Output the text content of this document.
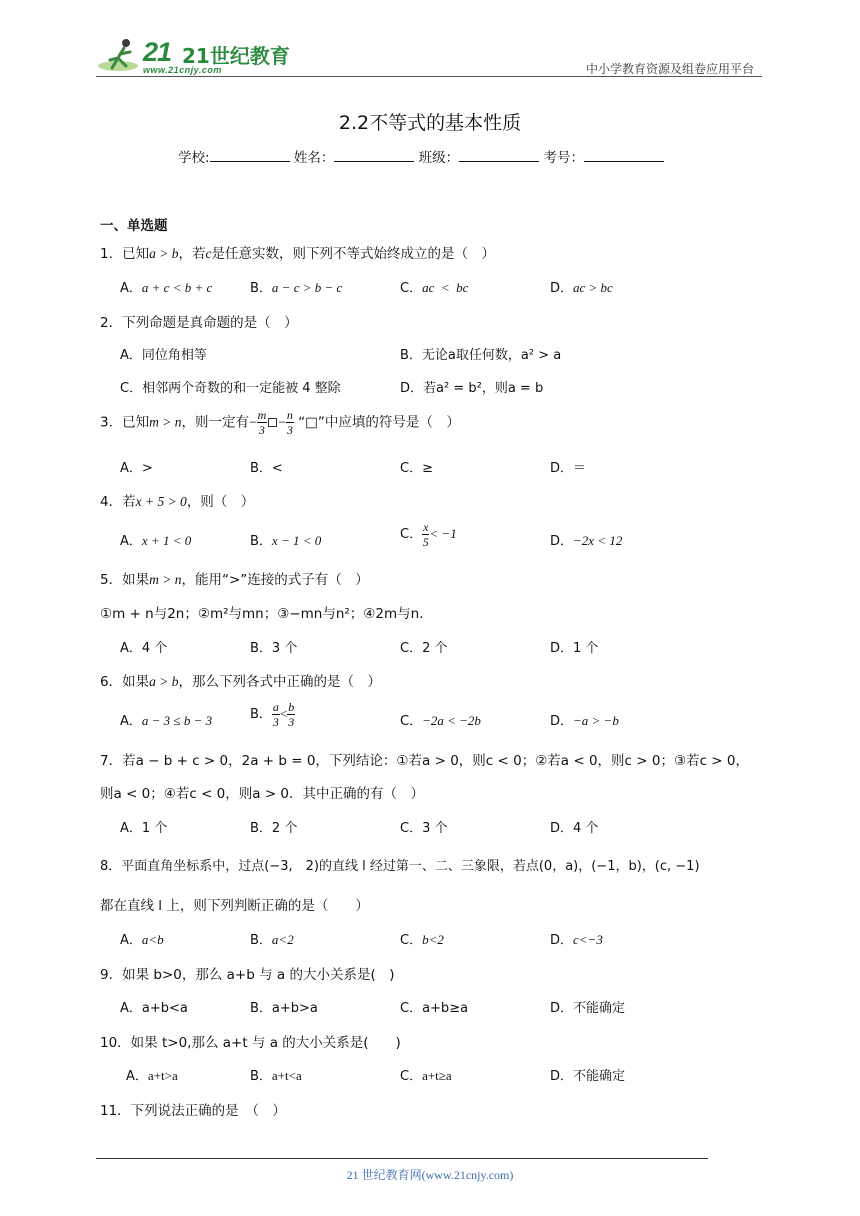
21 21世纪教育
www.21cnjy.com	中小学教育资源及组卷应用平台
2.2不等式的基本性质
学校:	姓名：	班级：	考号：
一、单选题
1．已知a > b，若c是任意实数，则下列不等式始终成立的是（　）
A．a + c < b + c	B．a − c > b − c	C．ac  <  bc	D．ac > bc
2．下列命题是真命题的是（　）
A．同位角相等	B．无论a取任何数，a² > a
C．相邻两个奇数的和一定能被 4 整除	D．若a² = b²，则a = b
3．已知m > n，则一定有− $\frac{m}{3} - \frac{n}{3}$ “□”中应填的符号是（　）
A．>	B．<	C．≥	D．＝
4．若x + 5 > 0，则（　）
A．x + 1 < 0	B．x − 1 < 0	C． $\frac{x}{5} < -1$
D．−2x < 12
5．如果m > n，能用“>”连接的式子有（　）
①m + n与2n；②m²与mn；③−mn与n²；④2m与n．
A．4 个	B．3 个	C．2 个	D．1 个
6．如果a > b，那么下列各式中正确的是（　）
A．a − 3 ≤ b − 3	B． $\frac{a}{3} < \frac{b}{3}$	C．−2a < −2b	D．−a > −b
7．若a − b + c > 0，2a + b = 0，下列结论：①若a > 0，则c < 0；②若a < 0，则c > 0；③若c > 0，
则a < 0；④若c < 0，则a > 0．其中正确的有（　）
A．1 个	B．2 个	C．3 个	D．4 个
8．平面直角坐标系中，过点(−3,　2)的直线 l 经过第一、二、三象限，若点(0，a)，(−1，b)，(c, −1)
都在直线 l 上，则下列判断正确的是（　　）
A．a<b	B．a<2	C．b<2	D．c<−3
9．如果 b>0，那么 a+b 与 a 的大小关系是(　)
A．a+b<a	B．a+b>a	C．a+b≥a	D．不能确定
10．如果 t>0,那么 a+t 与 a 的大小关系是(　　)
A．a+t>a	B．a+t<a	C．a+t≥a	D．不能确定
11．下列说法正确的是　（　）
21 世纪教育网(www.21cnjy.com)
